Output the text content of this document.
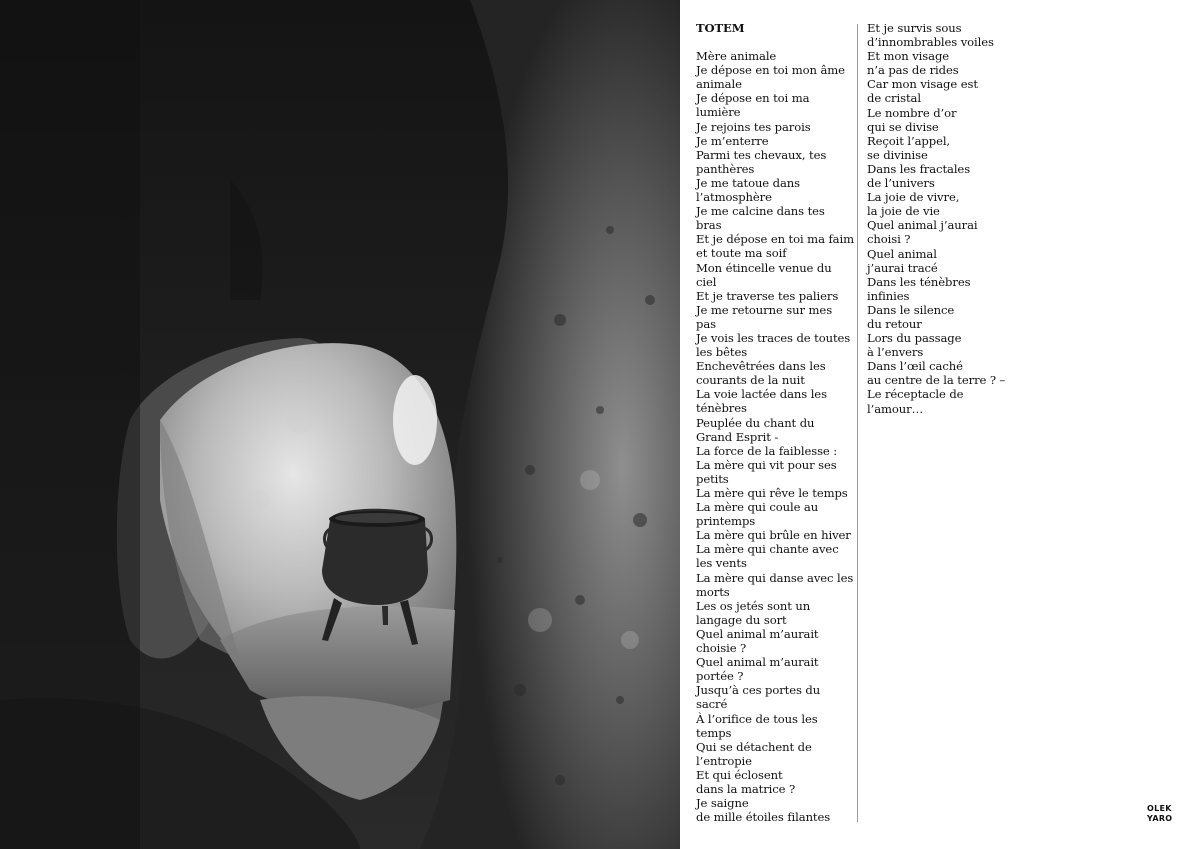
TOTEM
Mère animale
Je dépose en toi mon âme
animale
Je dépose en toi ma
lumière
Je rejoins tes parois
Je m’enterre
Parmi tes chevaux, tes
panthères
Je me tatoue dans
l’atmosphère
Je me calcine dans tes
bras
Et je dépose en toi ma faim
et toute ma soif
Mon étincelle venue du
ciel
Et je traverse tes paliers
Je me retourne sur mes
pas
Je vois les traces de toutes
les bêtes
Enchevêtrées dans les
courants de la nuit
La voie lactée dans les
ténèbres
Peuplée du chant du
Grand Esprit -
La force de la faiblesse :
La mère qui vit pour ses
petits
La mère qui rêve le temps
La mère qui coule au
printemps
La mère qui brûle en hiver
La mère qui chante avec
les vents
La mère qui danse avec les
morts
Les os jetés sont un
langage du sort
Quel animal m’aurait
choisie ?
Quel animal m’aurait
portée ?
Jusqu’à ces portes du
sacré
À l’orifice de tous les
temps
Qui se détachent de
l’entropie
Et qui éclosent
dans la matrice ?
Je saigne
de mille étoiles filantes
Et je survis sous
d’innombrables voiles
Et mon visage
n’a pas de rides
Car mon visage est
de cristal
Le nombre d’or
qui se divise
Reçoit l’appel,
se divinise
Dans les fractales
de l’univers
La joie de vivre,
la joie de vie
Quel animal j’aurai
choisi ?
Quel animal
j’aurai tracé
Dans les ténèbres
infinies
Dans le silence
du retour
Lors du passage
à l’envers
Dans l’œil caché
au centre de la terre ? –
Le réceptacle de
l’amour…
OLEK
YARO
